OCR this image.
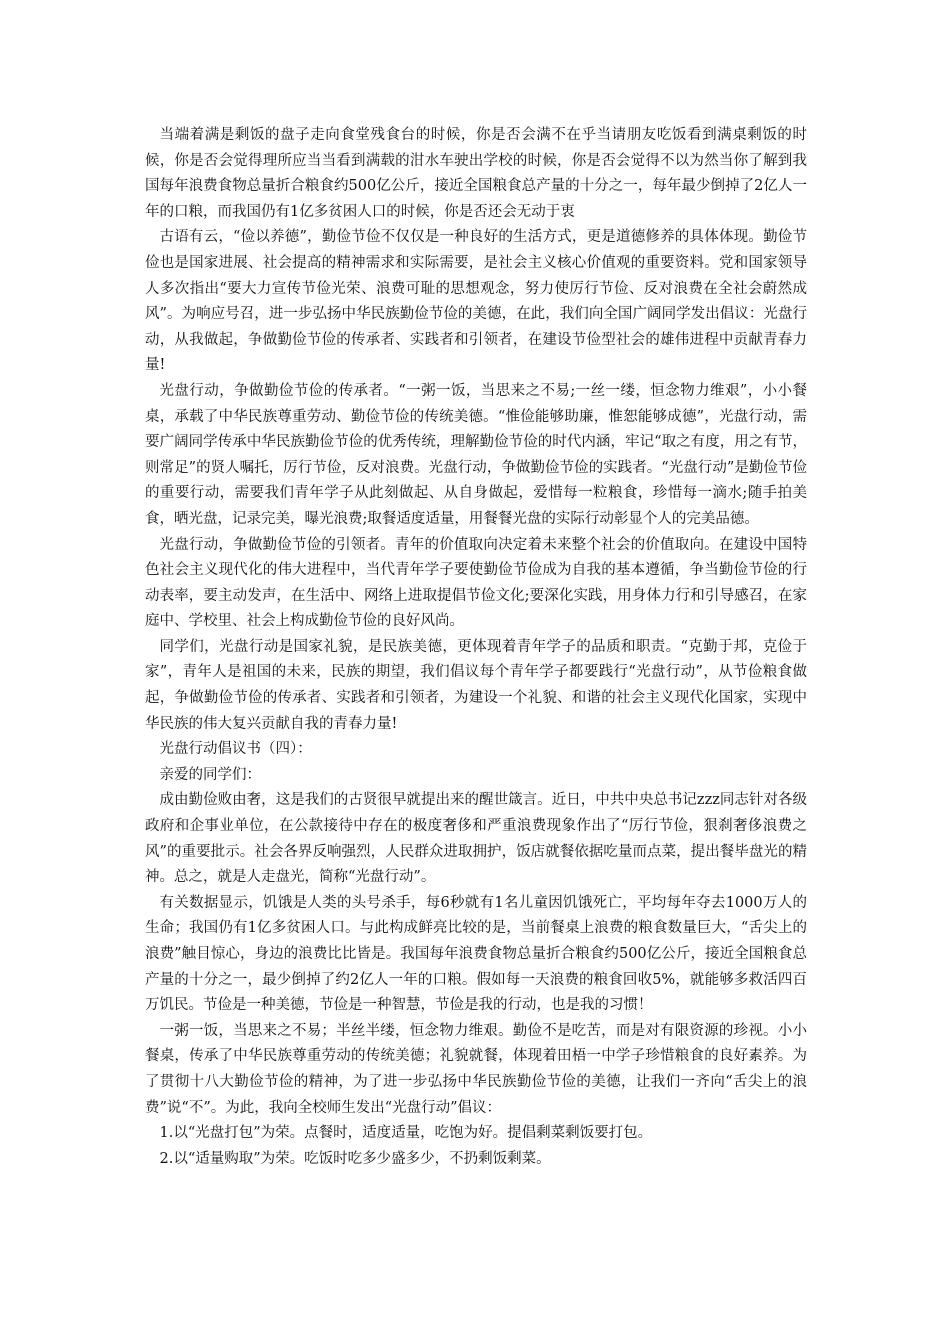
当端着满是剩饭的盘子走向食堂残食台的时候，你是否会满不在乎当请朋友吃饭看到满桌剩饭的时候，你是否会觉得理所应当当看到满载的泔水车驶出学校的时候，你是否会觉得不以为然当你了解到我国每年浪费食物总量折合粮食约500亿公斤，接近全国粮食总产量的十分之一，每年最少倒掉了2亿人一年的口粮，而我国仍有1亿多贫困人口的时候，你是否还会无动于衷

古语有云，“俭以养德”，勤俭节俭不仅仅是一种良好的生活方式，更是道德修养的具体体现。勤俭节俭也是国家进展、社会提高的精神需求和实际需要，是社会主义核心价值观的重要资料。党和国家领导人多次指出“要大力宣传节俭光荣、浪费可耻的思想观念，努力使厉行节俭、反对浪费在全社会蔚然成风”。为响应号召，进一步弘扬中华民族勤俭节俭的美德，在此，我们向全国广阔同学发出倡议：光盘行动，从我做起，争做勤俭节俭的传承者、实践者和引领者，在建设节俭型社会的雄伟进程中贡献青春力量!

光盘行动，争做勤俭节俭的传承者。“一粥一饭，当思来之不易;一丝一缕，恒念物力维艰”，小小餐桌，承载了中华民族尊重劳动、勤俭节俭的传统美德。“惟俭能够助廉，惟恕能够成德”，光盘行动，需要广阔同学传承中华民族勤俭节俭的优秀传统，理解勤俭节俭的时代内涵，牢记“取之有度，用之有节，则常足”的贤人嘱托，厉行节俭，反对浪费。光盘行动，争做勤俭节俭的实践者。“光盘行动”是勤俭节俭的重要行动，需要我们青年学子从此刻做起、从自身做起，爱惜每一粒粮食，珍惜每一滴水;随手拍美食，晒光盘，记录完美，曝光浪费;取餐适度适量，用餐餐光盘的实际行动彰显个人的完美品德。

光盘行动，争做勤俭节俭的引领者。青年的价值取向决定着未来整个社会的价值取向。在建设中国特色社会主义现代化的伟大进程中，当代青年学子要使勤俭节俭成为自我的基本遵循，争当勤俭节俭的行动表率，要主动发声，在生活中、网络上进取提倡节俭文化;要深化实践，用身体力行和引导感召，在家庭中、学校里、社会上构成勤俭节俭的良好风尚。

同学们，光盘行动是国家礼貌，是民族美德，更体现着青年学子的品质和职责。“克勤于邦，克俭于家”，青年人是祖国的未来，民族的期望，我们倡议每个青年学子都要践行“光盘行动”，从节俭粮食做起，争做勤俭节俭的传承者、实践者和引领者，为建设一个礼貌、和谐的社会主义现代化国家，实现中华民族的伟大复兴贡献自我的青春力量!

光盘行动倡议书（四）：

亲爱的同学们：

成由勤俭败由奢，这是我们的古贤很早就提出来的醒世箴言。近日，中共中央总书记zzz同志针对各级政府和企事业单位，在公款接待中存在的极度奢侈和严重浪费现象作出了“厉行节俭，狠刹奢侈浪费之风”的重要批示。社会各界反响强烈，人民群众进取拥护，饭店就餐依据吃量而点菜，提出餐毕盘光的精神。总之，就是人走盘光，简称“光盘行动”。

有关数据显示，饥饿是人类的头号杀手，每6秒就有1名儿童因饥饿死亡，平均每年夺去1000万人的生命；我国仍有1亿多贫困人口。与此构成鲜亮比较的是，当前餐桌上浪费的粮食数量巨大，“舌尖上的浪费”触目惊心，身边的浪费比比皆是。我国每年浪费食物总量折合粮食约500亿公斤，接近全国粮食总产量的十分之一，最少倒掉了约2亿人一年的口粮。假如每一天浪费的粮食回收5%，就能够多救活四百万饥民。节俭是一种美德，节俭是一种智慧，节俭是我的行动，也是我的习惯！

一粥一饭，当思来之不易；半丝半缕，恒念物力维艰。勤俭不是吃苦，而是对有限资源的珍视。小小餐桌，传承了中华民族尊重劳动的传统美德；礼貌就餐，体现着田梧一中学子珍惜粮食的良好素养。为了贯彻十八大勤俭节俭的精神，为了进一步弘扬中华民族勤俭节俭的美德，让我们一齐向“舌尖上的浪费”说“不”。为此，我向全校师生发出“光盘行动”倡议：

1.以“光盘打包”为荣。点餐时，适度适量，吃饱为好。提倡剩菜剩饭要打包。

2.以“适量购取”为荣。吃饭时吃多少盛多少，不扔剩饭剩菜。
